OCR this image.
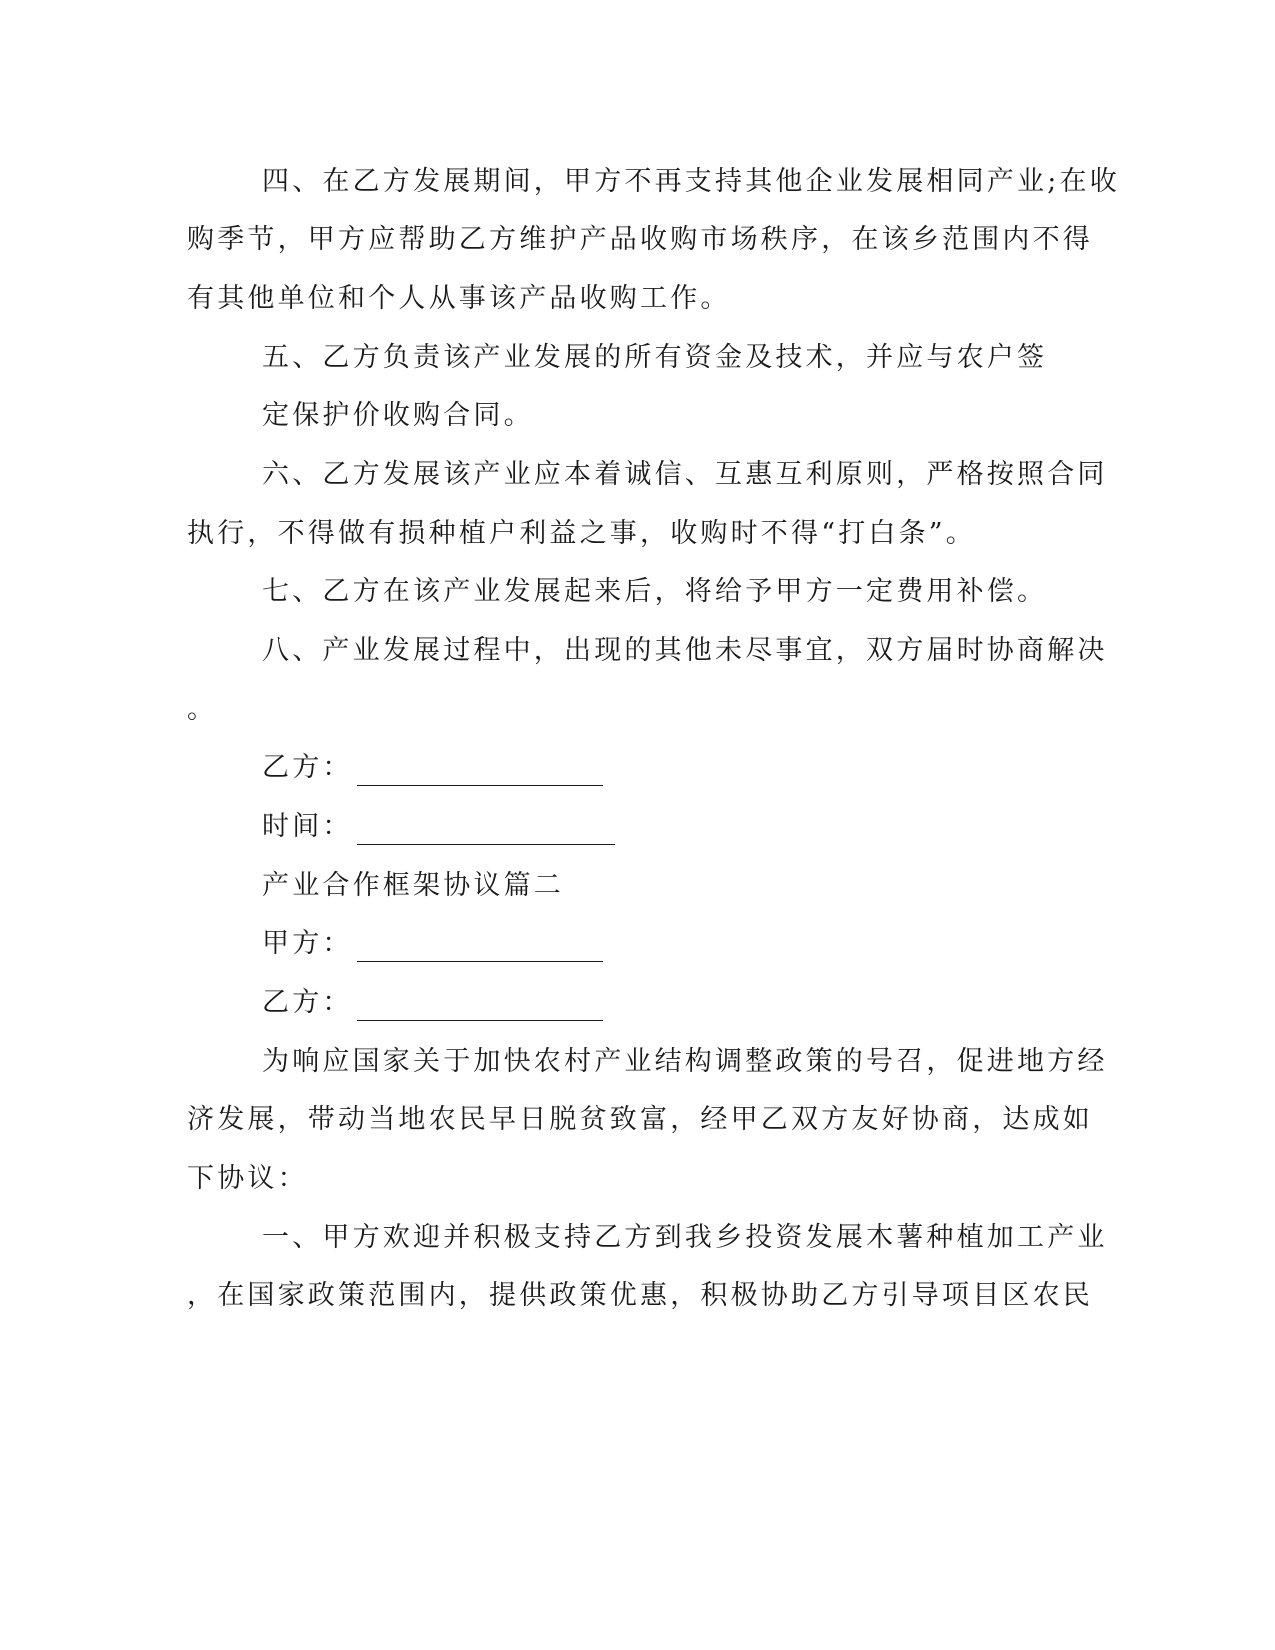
四、在乙方发展期间，甲方不再支持其他企业发展相同产业;在收
购季节，甲方应帮助乙方维护产品收购市场秩序，在该乡范围内不得
有其他单位和个人从事该产品收购工作。
五、乙方负责该产业发展的所有资金及技术，并应与农户签
定保护价收购合同。
六、乙方发展该产业应本着诚信、互惠互利原则，严格按照合同
执行，不得做有损种植户利益之事，收购时不得“打白条”。
七、乙方在该产业发展起来后，将给予甲方一定费用补偿。
八、产业发展过程中，出现的其他未尽事宜，双方届时协商解决
。
乙方：
时间：
产业合作框架协议篇二
甲方：
乙方：
为响应国家关于加快农村产业结构调整政策的号召，促进地方经
济发展，带动当地农民早日脱贫致富，经甲乙双方友好协商，达成如
下协议：
一、甲方欢迎并积极支持乙方到我乡投资发展木薯种植加工产业
，在国家政策范围内，提供政策优惠，积极协助乙方引导项目区农民
